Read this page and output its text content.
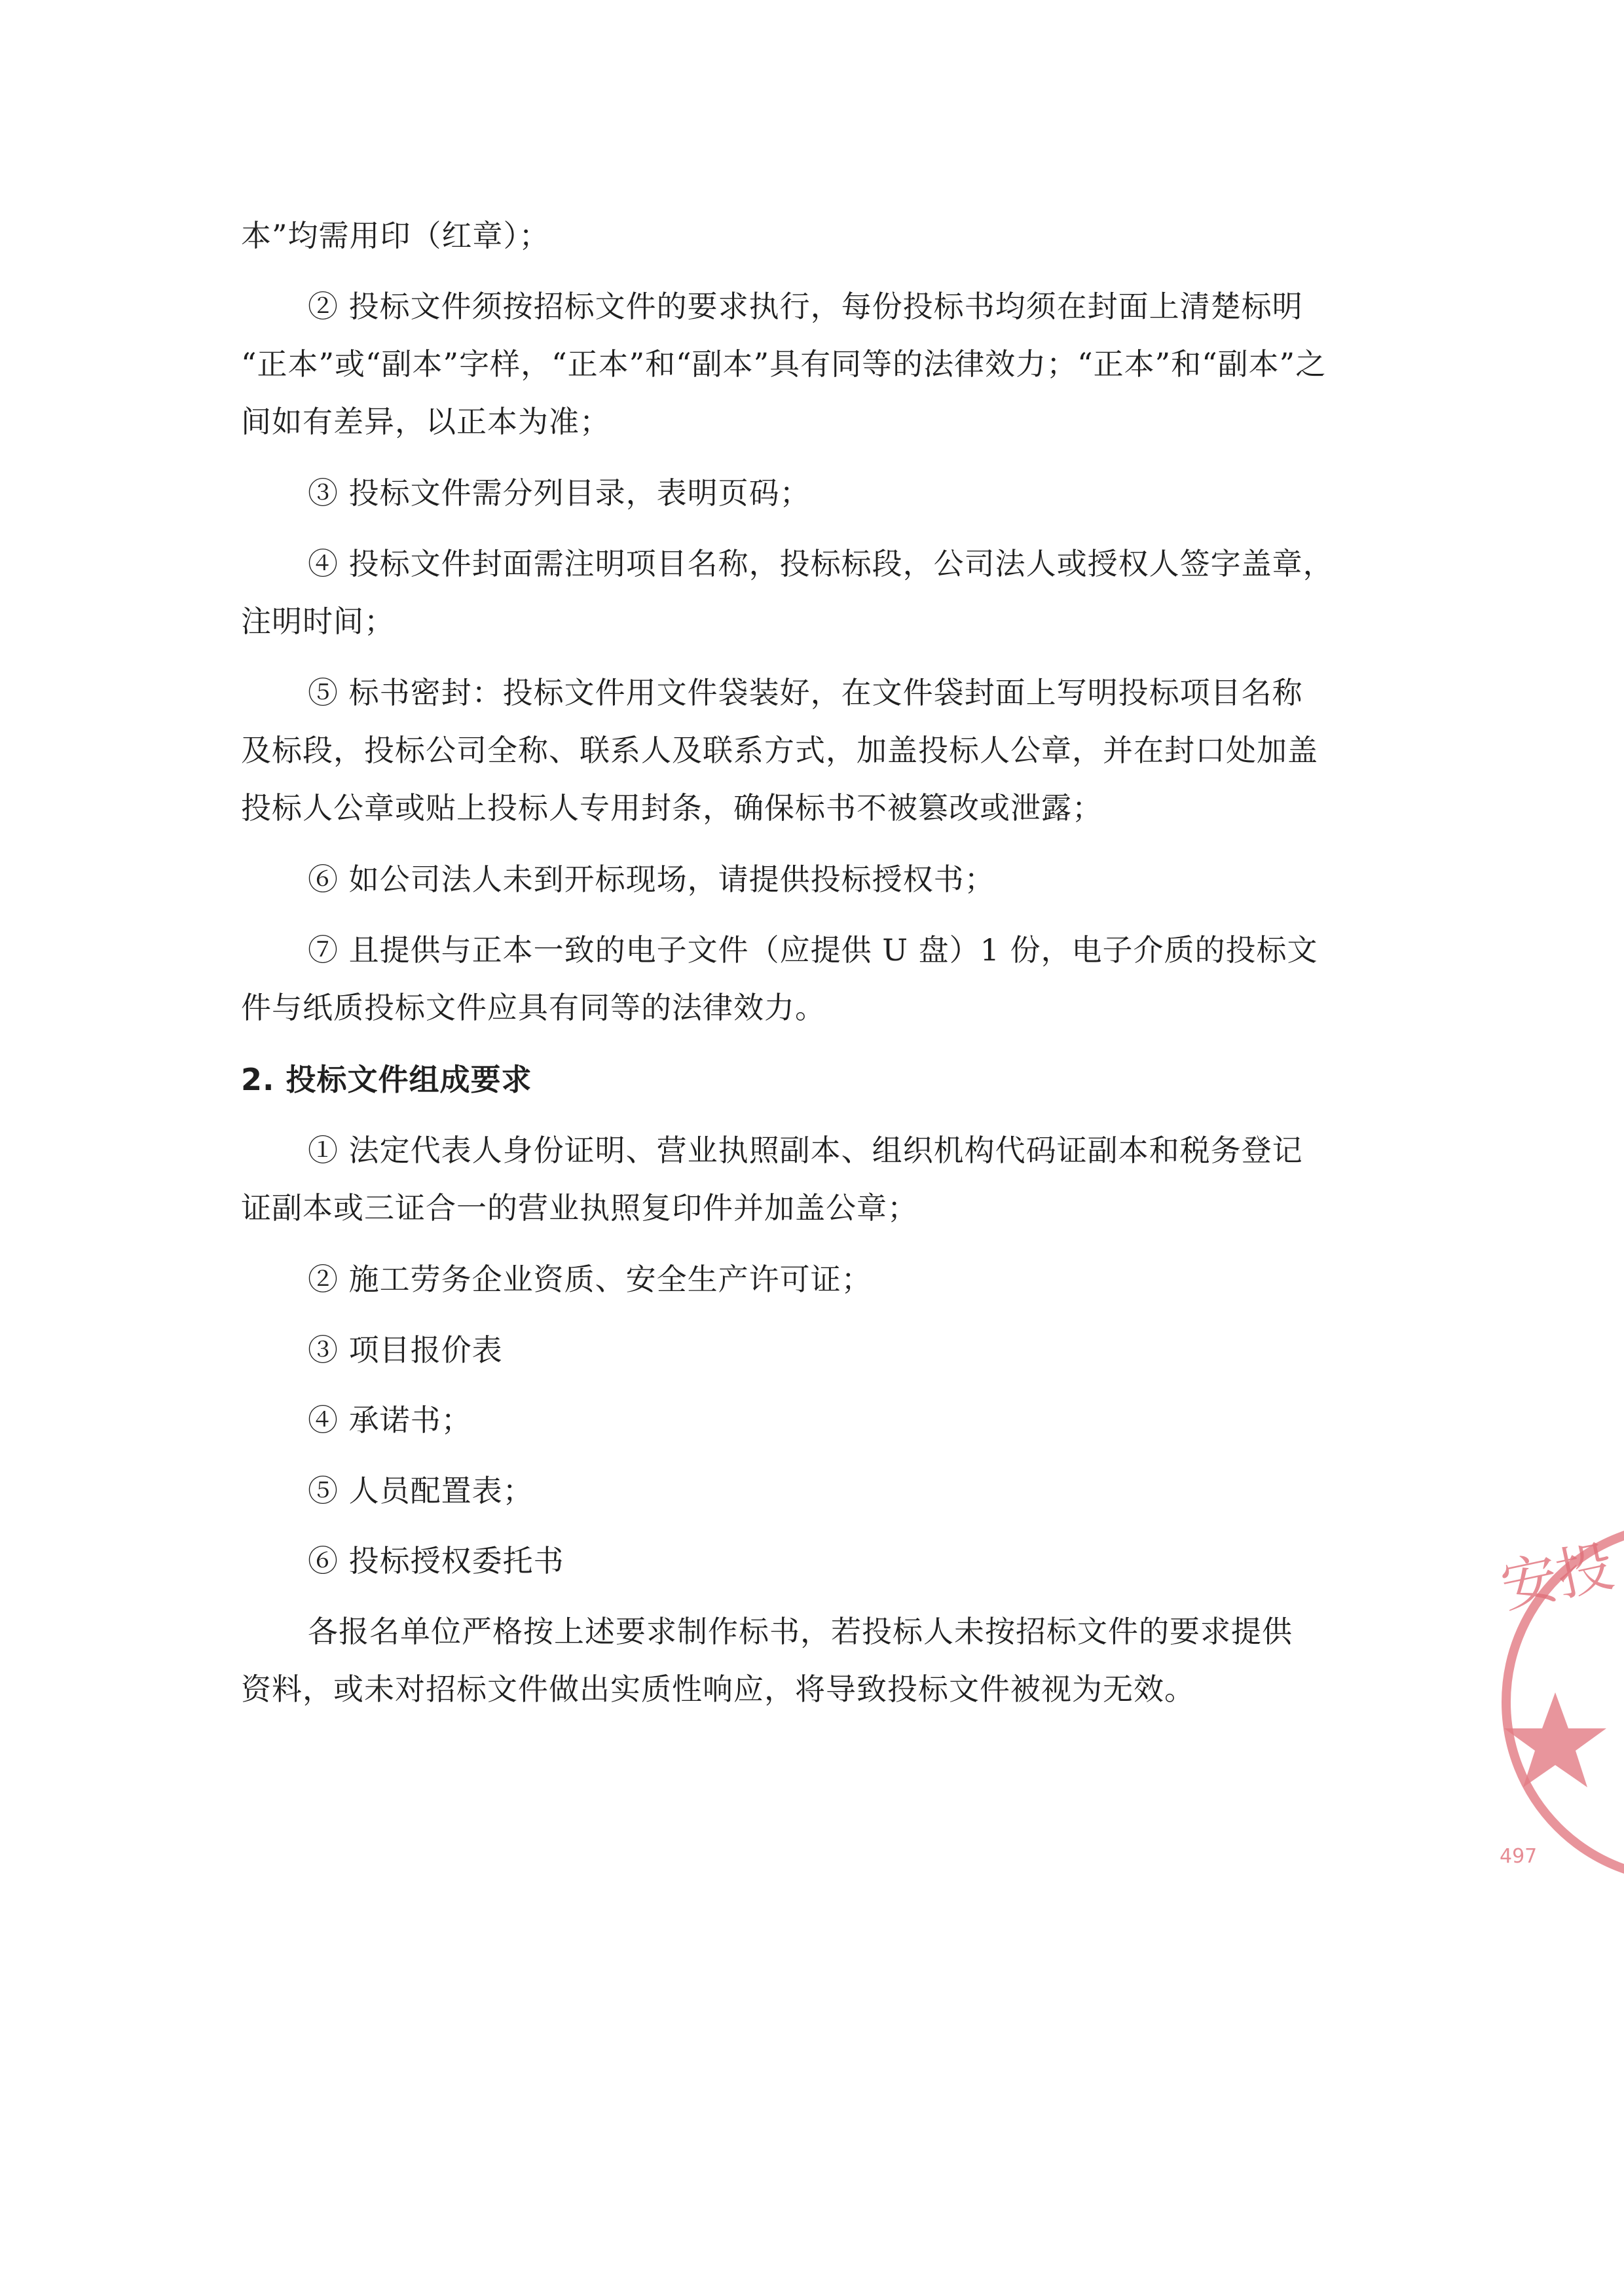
本”均需用印（红章）；
② 投标文件须按招标文件的要求执行，每份投标书均须在封面上清楚标明
“正本”或“副本”字样，“正本”和“副本”具有同等的法律效力；“正本”和“副本”之
间如有差异，以正本为准；
③ 投标文件需分列目录，表明页码；
④ 投标文件封面需注明项目名称，投标标段，公司法人或授权人签字盖章，
注明时间；
⑤ 标书密封：投标文件用文件袋装好，在文件袋封面上写明投标项目名称
及标段，投标公司全称、联系人及联系方式，加盖投标人公章，并在封口处加盖
投标人公章或贴上投标人专用封条，确保标书不被篡改或泄露；
⑥ 如公司法人未到开标现场，请提供投标授权书；
⑦ 且提供与正本一致的电子文件（应提供 U 盘）1 份，电子介质的投标文
件与纸质投标文件应具有同等的法律效力。
2. 投标文件组成要求
① 法定代表人身份证明、营业执照副本、组织机构代码证副本和税务登记
证副本或三证合一的营业执照复印件并加盖公章；
② 施工劳务企业资质、安全生产许可证；
③ 项目报价表
④ 承诺书；
⑤ 人员配置表；
⑥ 投标授权委托书
各报名单位严格按上述要求制作标书，若投标人未按招标文件的要求提供
资料，或未对招标文件做出实质性响应，将导致投标文件被视为无效。
安投
497
